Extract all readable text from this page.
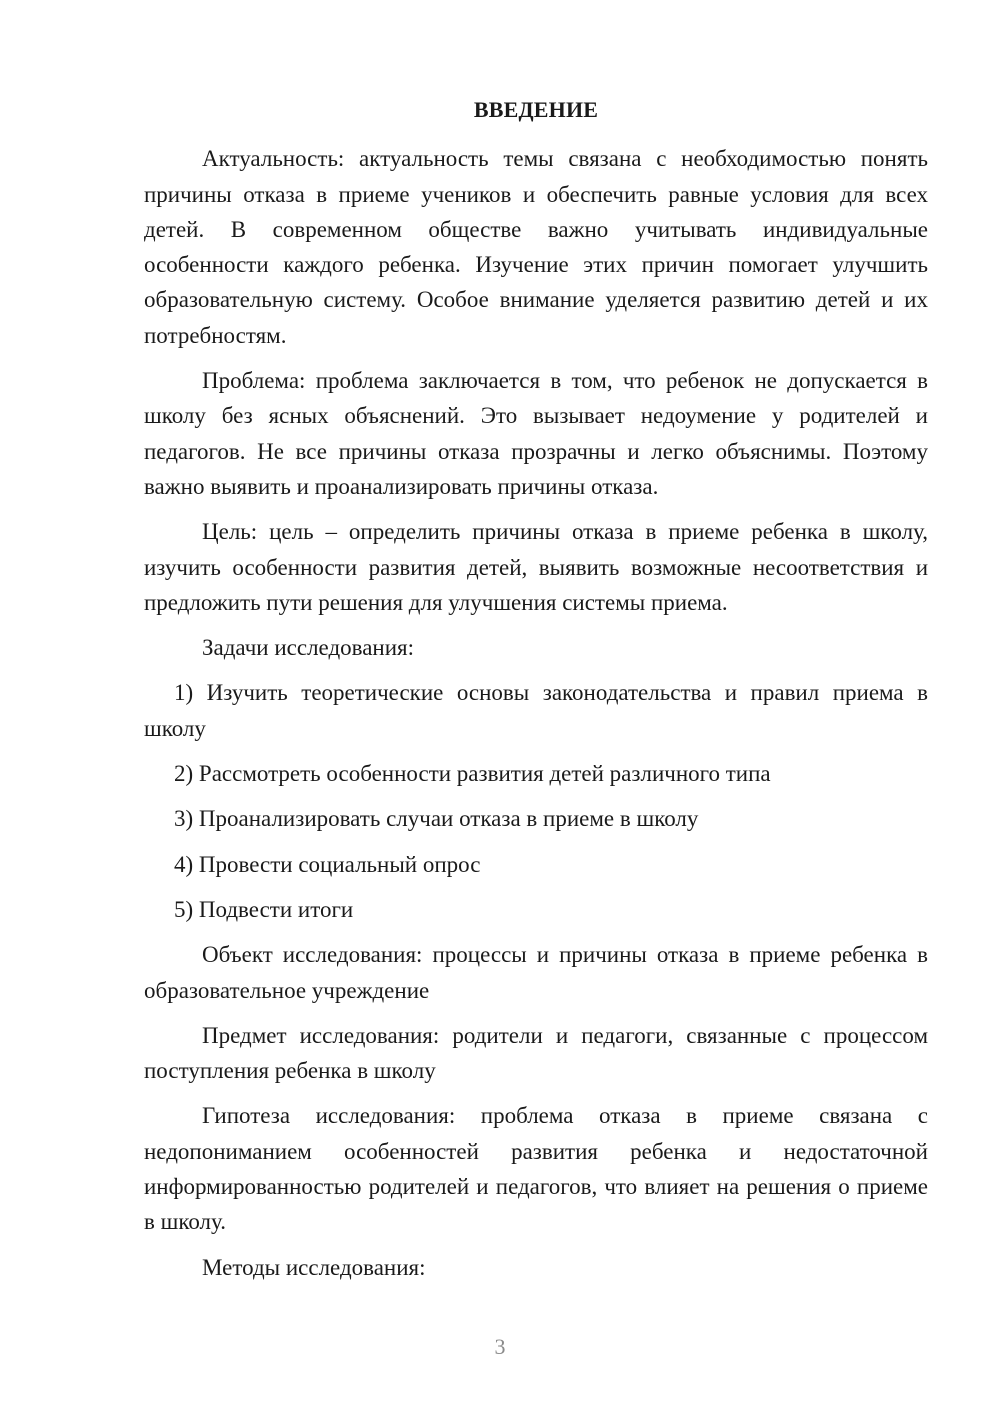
ВВЕДЕНИЕ

Актуальность: актуальность темы связана с необходимостью понять причины отказа в приеме учеников и обеспечить равные условия для всех детей. В современном обществе важно учитывать индивидуальные особенности каждого ребенка. Изучение этих причин помогает улучшить образовательную систему. Особое внимание уделяется развитию детей и их потребностям.

Проблема: проблема заключается в том, что ребенок не допускается в школу без ясных объяснений. Это вызывает недоумение у родителей и педагогов. Не все причины отказа прозрачны и легко объяснимы. Поэтому важно выявить и проанализировать причины отказа.

Цель: цель – определить причины отказа в приеме ребенка в школу, изучить особенности развития детей, выявить возможные несоответствия и предложить пути решения для улучшения системы приема.

Задачи исследования:

1) Изучить теоретические основы законодательства и правил приема в школу

2) Рассмотреть особенности развития детей различного типа

3) Проанализировать случаи отказа в приеме в школу

4) Провести социальный опрос

5) Подвести итоги

Объект исследования: процессы и причины отказа в приеме ребенка в образовательное учреждение

Предмет исследования: родители и педагоги, связанные с процессом поступления ребенка в школу

Гипотеза исследования: проблема отказа в приеме связана с недопониманием особенностей развития ребенка и недостаточной информированностью родителей и педагогов, что влияет на решения о приеме в школу.

Методы исследования:

3
